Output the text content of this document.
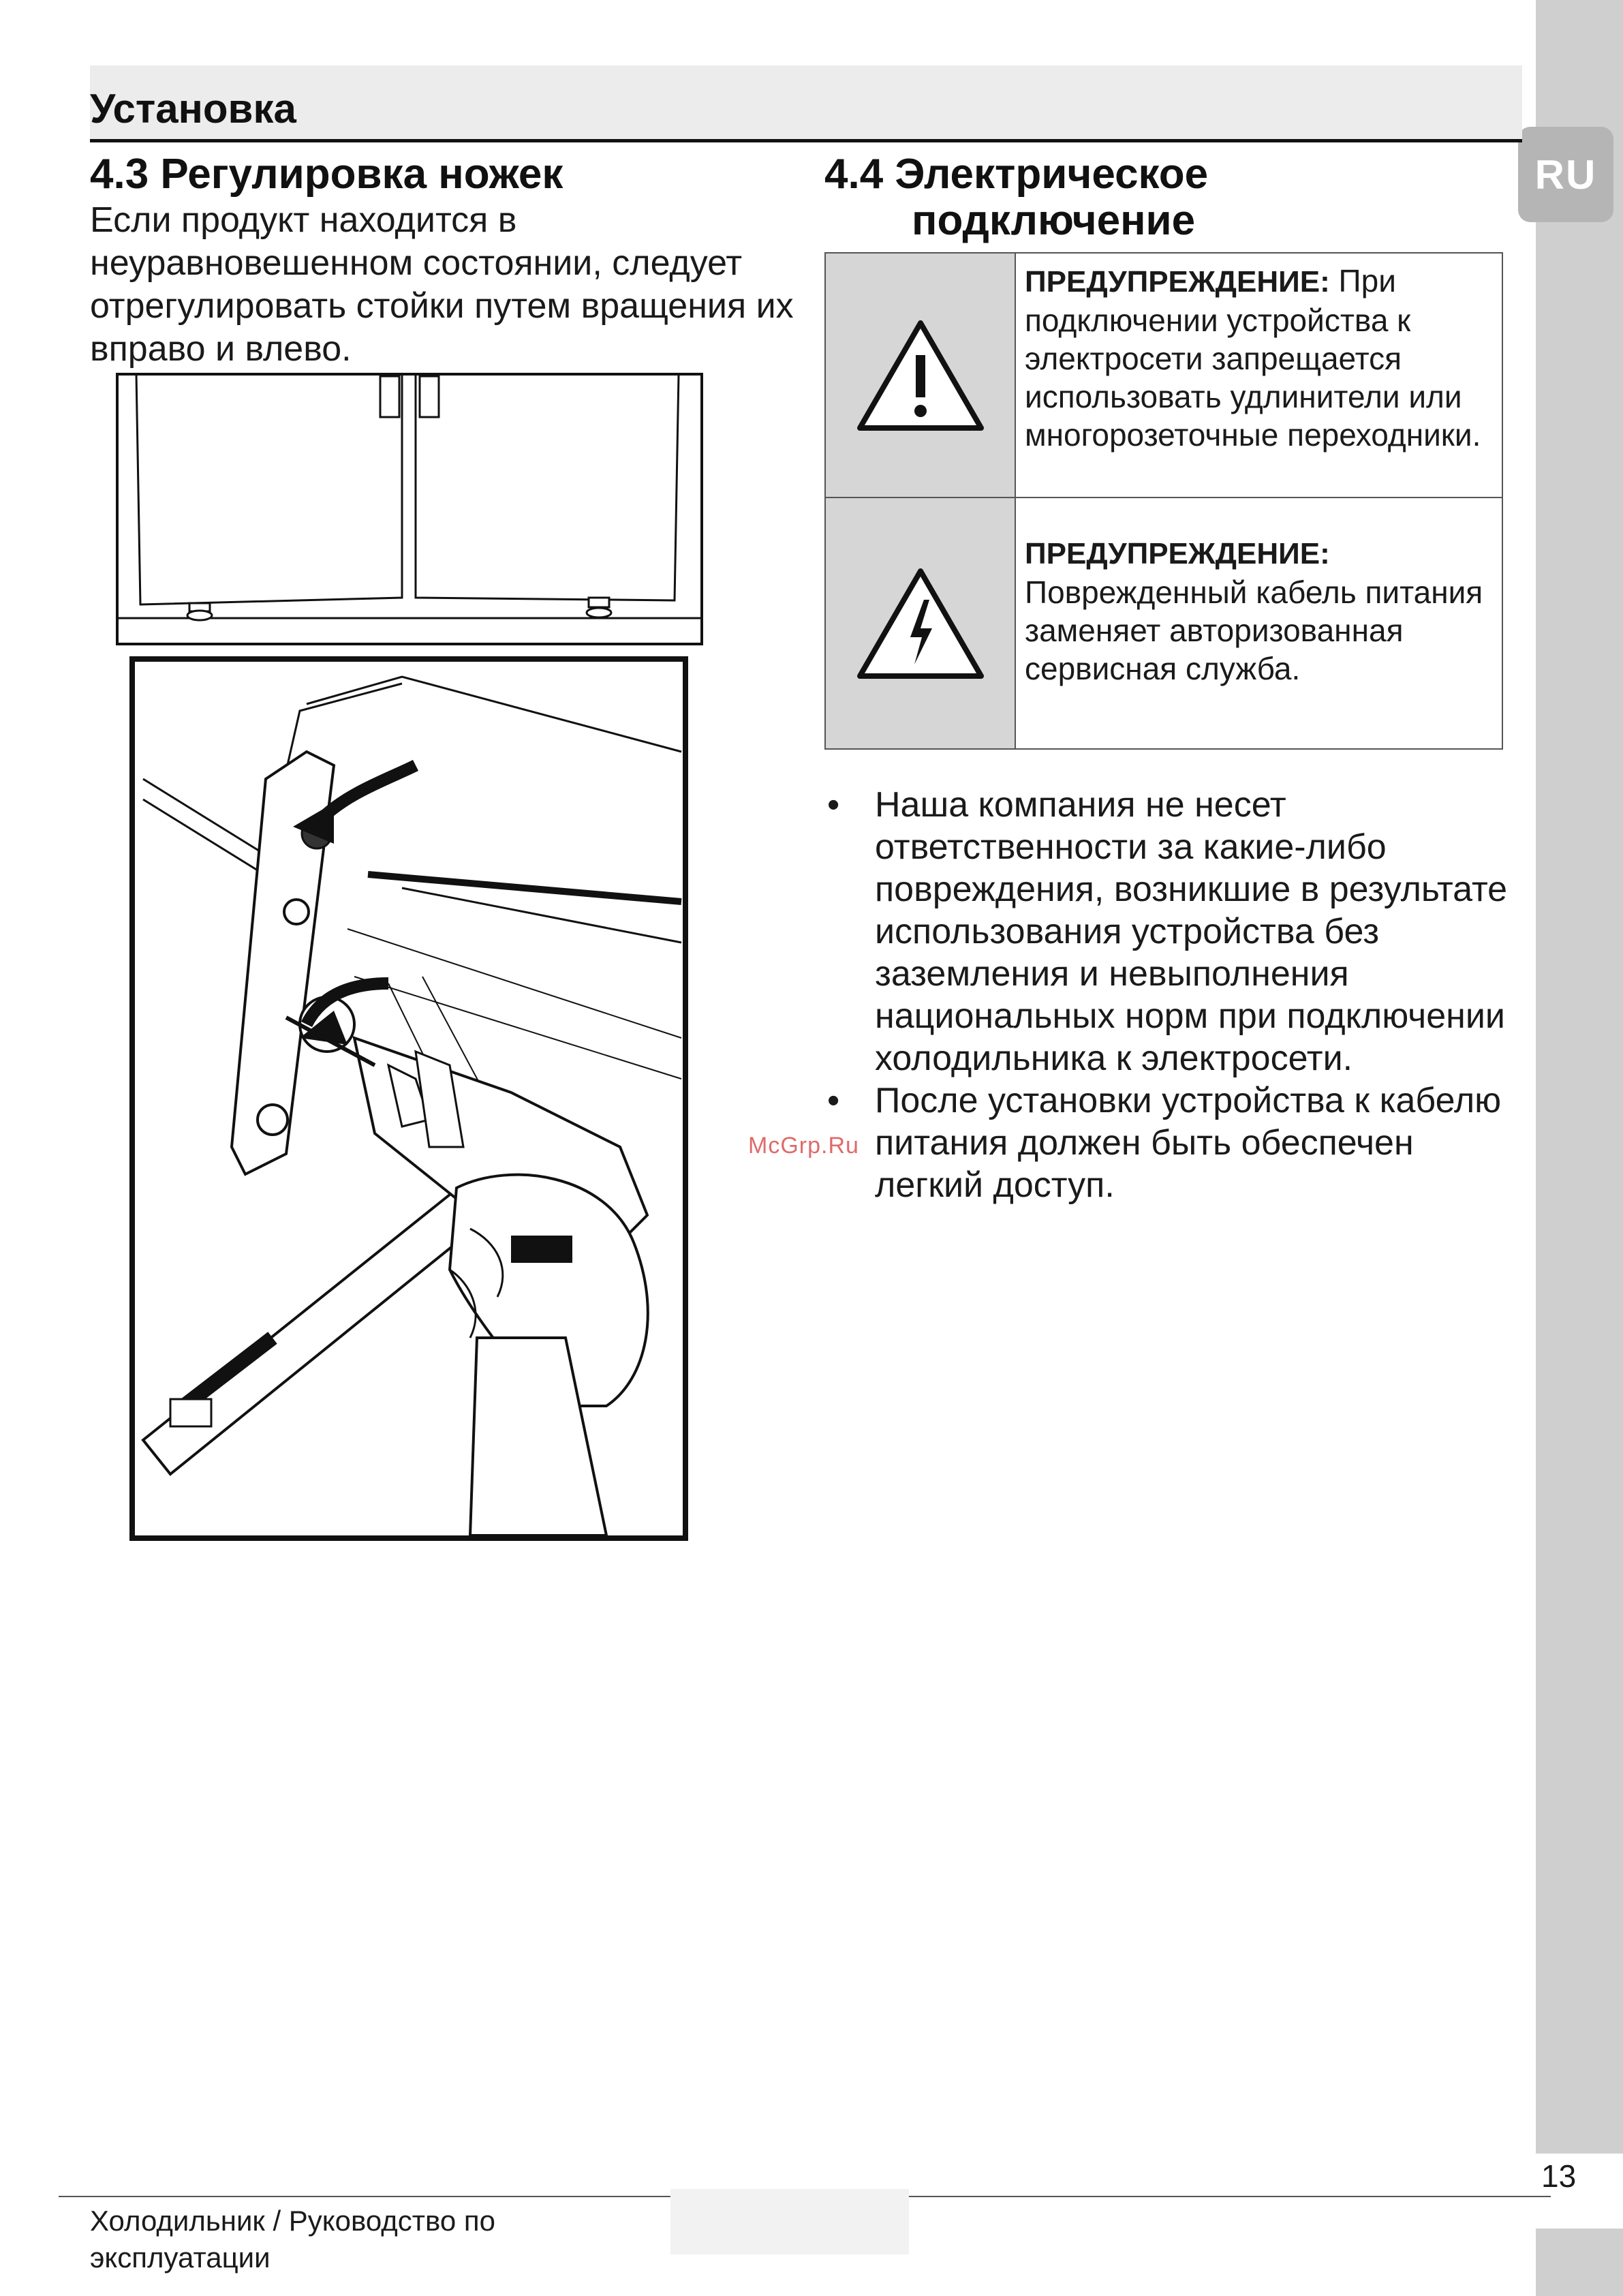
RU
Установка
4.3 Регулировка ножек
Если продукт находится в неуравновешенном состоянии, следует отрегулировать стойки путем вращения их вправо и влево.
4.4 Электрическое
подключение
ПРЕДУПРЕЖДЕНИЕ: При подключении устройства к электросети запрещается использовать удлинители или многорозеточные переходники.
ПРЕДУПРЕЖДЕНИЕ:
Поврежденный кабель питания заменяет авторизованная сервисная служба.
• Наша компания не несет ответственности за какие-либо повреждения, возникшие в результате использования устройства без заземления и невыполнения национальных норм при подключении холодильника к электросети.
• После установки устройства к кабелю питания должен быть обеспечен легкий доступ.
McGrp.Ru
Холодильник / Руководство по
эксплуатации
13
